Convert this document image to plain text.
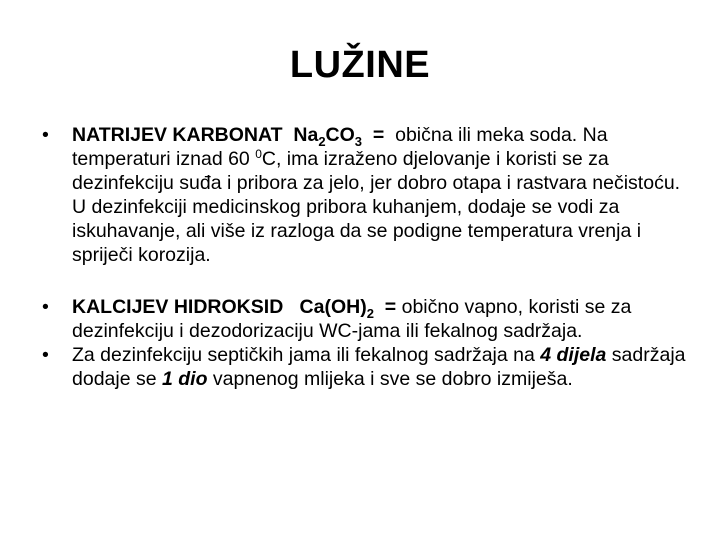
LUŽINE
• NATRIJEV KARBONAT $Na_2CO_3$ = obična ili meka soda. Na temperaturi iznad 60 $^0$C, ima izraženo djelovanje i koristi se za dezinfekciju suđa i pribora za jelo, jer dobro otapa i rastvara nečistoću. U dezinfekciji medicinskog pribora kuhanjem, dodaje se vodi za iskuhavanje, ali više iz razloga da se podigne temperatura vrenja i spriječi korozija.
• KALCIJEV HIDROKSID $Ca(OH)_2$ = obično vapno, koristi se za dezinfekciju i dezodorizaciju WC-jama ili fekalnog sadržaja.
• Za dezinfekciju septičkih jama ili fekalnog sadržaja na 4 dijela sadržaja dodaje se 1 dio vapnenog mlijeka i sve se dobro izmiješa.
